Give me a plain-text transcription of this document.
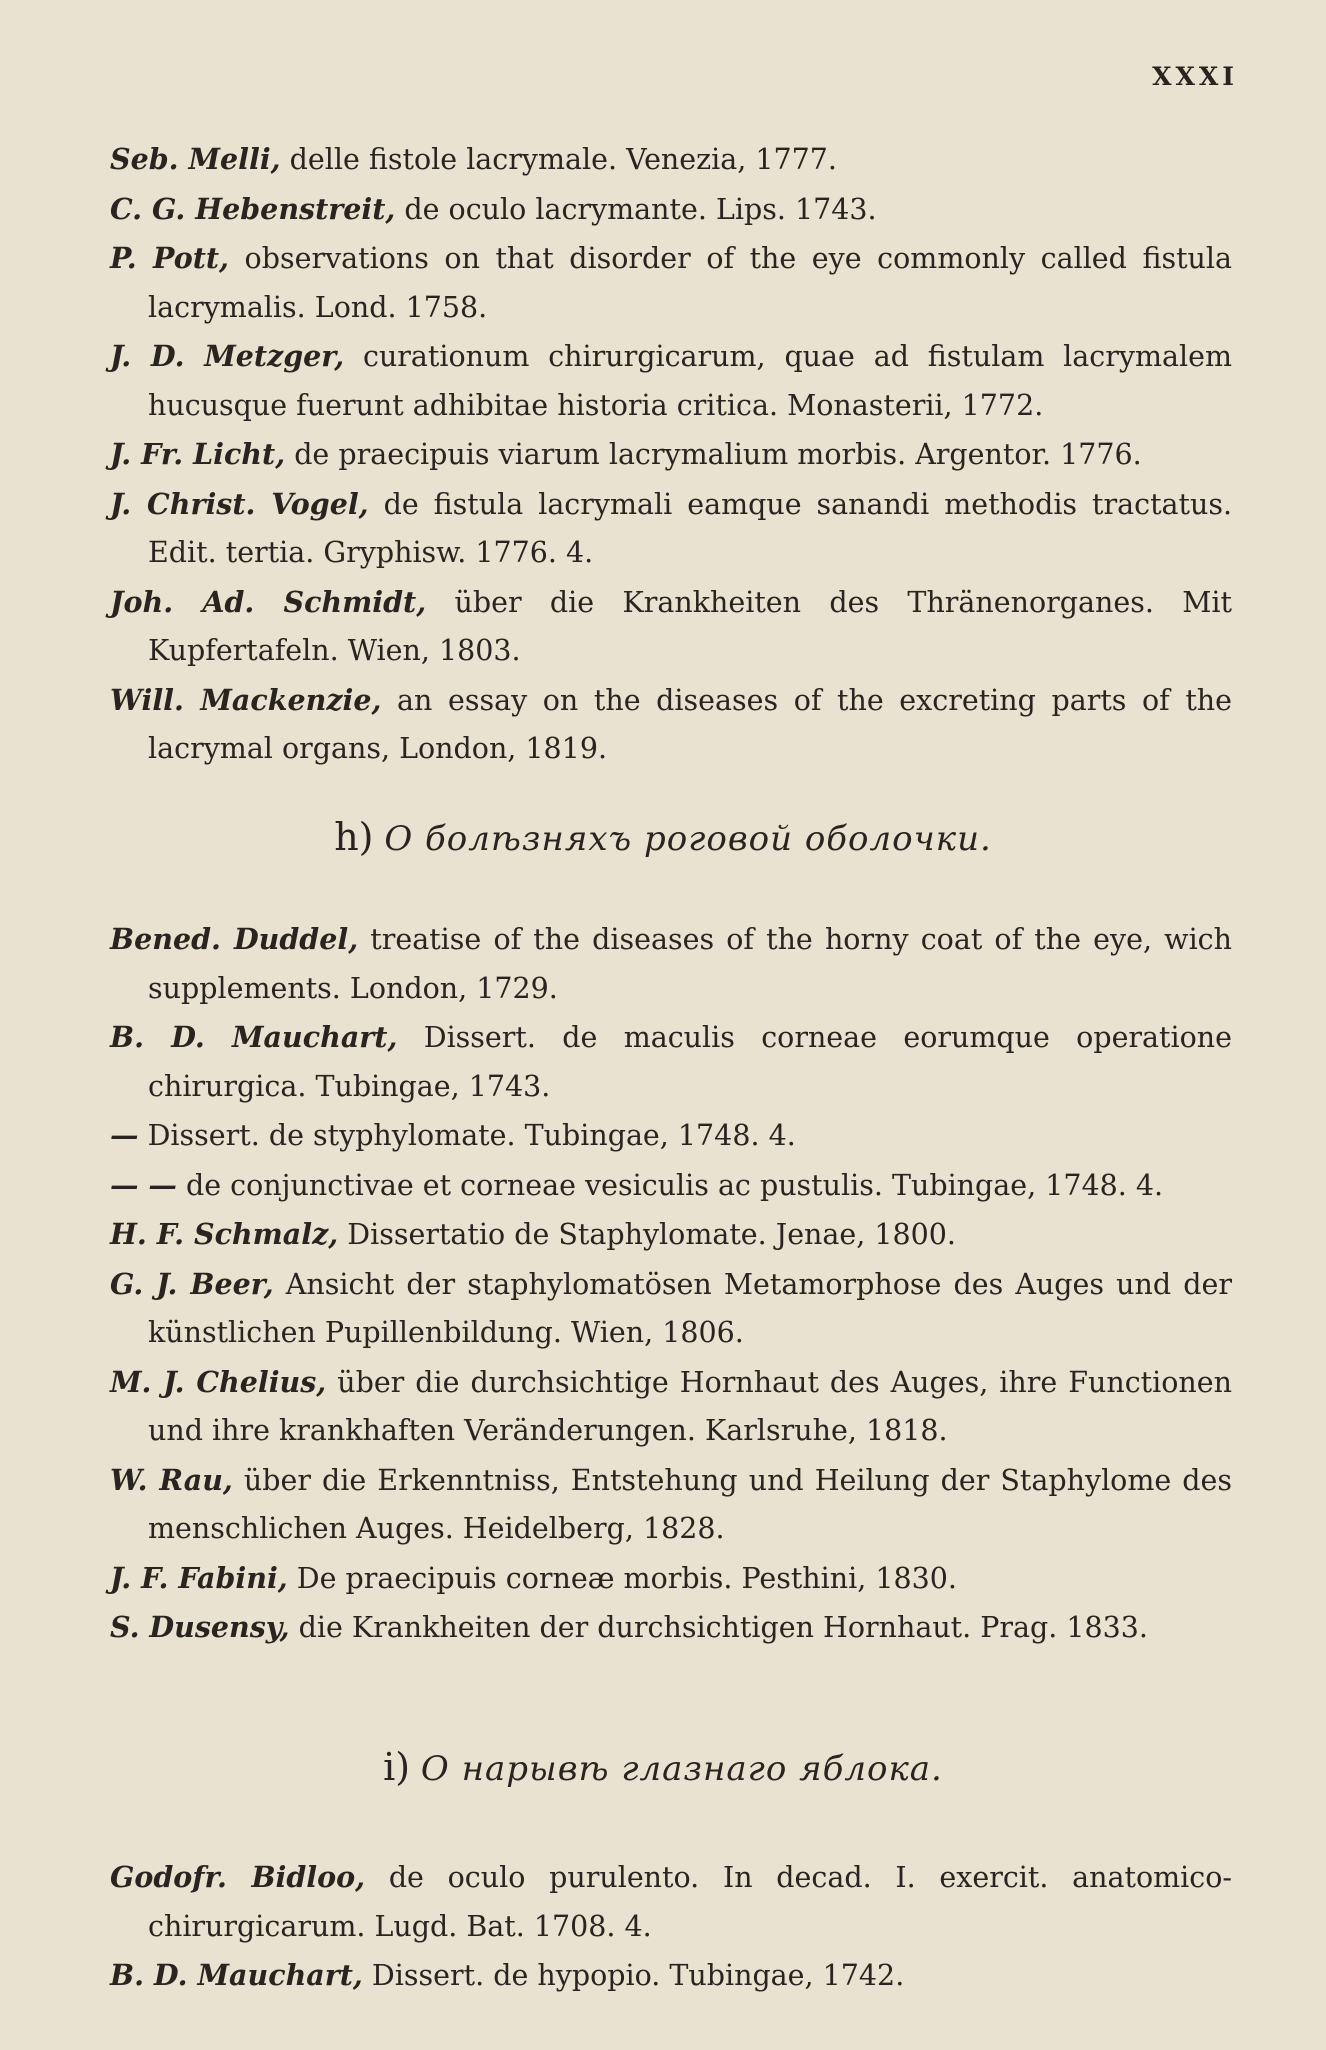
XXXI
Seb. Melli, delle fistole lacrymale. Venezia, 1777.
C. G. Hebenstreit, de oculo lacrymante. Lips. 1743.
P. Pott, observations on that disorder of the eye commonly called fistula lacrymalis. Lond. 1758.
J. D. Metzger, curationum chirurgicarum, quae ad fistulam lacrymalem hucusque fuerunt adhibitae historia critica. Monasterii, 1772.
J. Fr. Licht, de praecipuis viarum lacrymalium morbis. Argentor. 1776.
J. Christ. Vogel, de fistula lacrymali eamque sanandi methodis tractatus. Edit. tertia. Gryphisw. 1776. 4.
Joh. Ad. Schmidt, über die Krankheiten des Thränenorganes. Mit Kupfertafeln. Wien, 1803.
Will. Mackenzie, an essay on the diseases of the excreting parts of the lacrymal organs, London, 1819.
h) О болѣзняхъ роговой оболочки.
Bened. Duddel, treatise of the diseases of the horny coat of the eye, wich supplements. London, 1729.
B. D. Mauchart, Dissert. de maculis corneae eorumque operatione chirurgica. Tubingae, 1743.
— Dissert. de styphylomate. Tubingae, 1748. 4.
— — de conjunctivae et corneae vesiculis ac pustulis. Tubingae, 1748. 4.
H. F. Schmalz, Dissertatio de Staphylomate. Jenae, 1800.
G. J. Beer, Ansicht der staphylomatösen Metamorphose des Auges und der künstlichen Pupillenbildung. Wien, 1806.
M. J. Chelius, über die durchsichtige Hornhaut des Auges, ihre Functionen und ihre krankhaften Veränderungen. Karlsruhe, 1818.
W. Rau, über die Erkenntniss, Entstehung und Heilung der Staphylome des menschlichen Auges. Heidelberg, 1828.
J. F. Fabini, De praecipuis corneæ morbis. Pesthini, 1830.
S. Dusensy, die Krankheiten der durchsichtigen Hornhaut. Prag. 1833.
i) О нарывѣ глазнаго яблока.
Godofr. Bidloo, de oculo purulento. In decad. I. exercit. anatomico-chirurgicarum. Lugd. Bat. 1708. 4.
B. D. Mauchart, Dissert. de hypopio. Tubingae, 1742.
